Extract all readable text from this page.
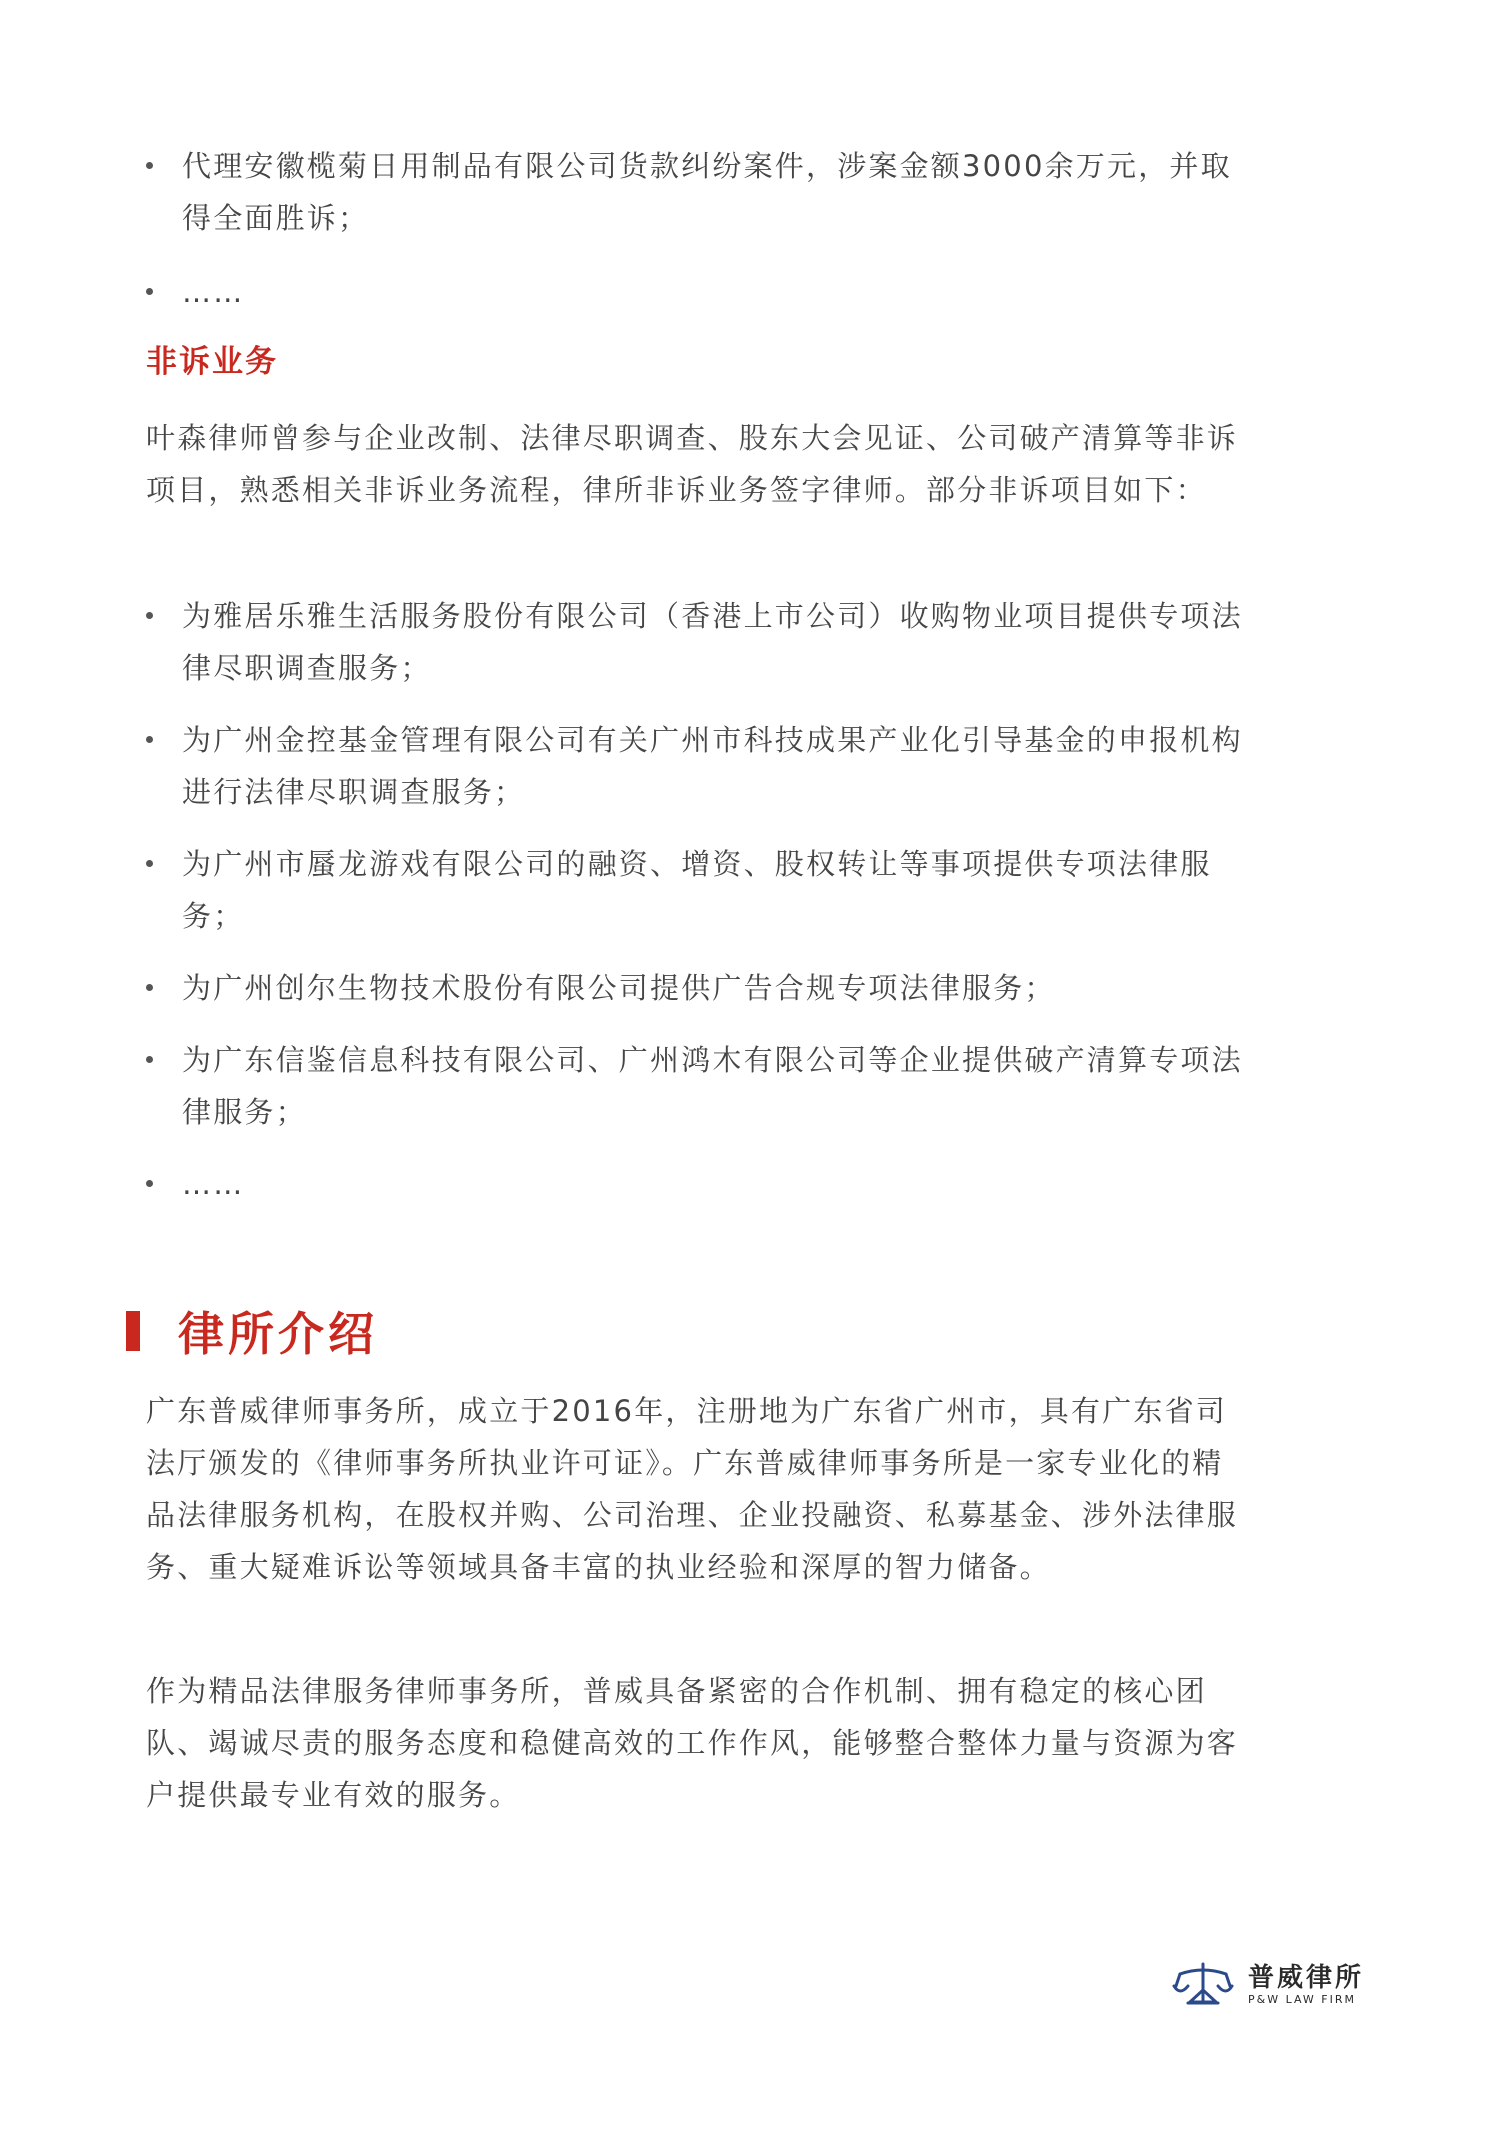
代理安徽榄菊日用制品有限公司货款纠纷案件，涉案金额3000余万元，并取得全面胜诉；
……
非诉业务

叶森律师曾参与企业改制、法律尽职调查、股东大会见证、公司破产清算等非诉项目，熟悉相关非诉业务流程，律所非诉业务签字律师。部分非诉项目如下：

为雅居乐雅生活服务股份有限公司（香港上市公司）收购物业项目提供专项法律尽职调查服务；
为广州金控基金管理有限公司有关广州市科技成果产业化引导基金的申报机构进行法律尽职调查服务；
为广州市蜃龙游戏有限公司的融资、增资、股权转让等事项提供专项法律服务；
为广州创尔生物技术股份有限公司提供广告合规专项法律服务；
为广东信鉴信息科技有限公司、广州鸿木有限公司等企业提供破产清算专项法律服务；
……
律所介绍

广东普威律师事务所，成立于2016年，注册地为广东省广州市，具有广东省司法厅颁发的《律师事务所执业许可证》。广东普威律师事务所是一家专业化的精品法律服务机构，在股权并购、公司治理、企业投融资、私募基金、涉外法律服务、重大疑难诉讼等领域具备丰富的执业经验和深厚的智力储备。

作为精品法律服务律师事务所，普威具备紧密的合作机制、拥有稳定的核心团队、竭诚尽责的服务态度和稳健高效的工作作风，能够整合整体力量与资源为客户提供最专业有效的服务。

普威律所
P&W LAW FIRM
